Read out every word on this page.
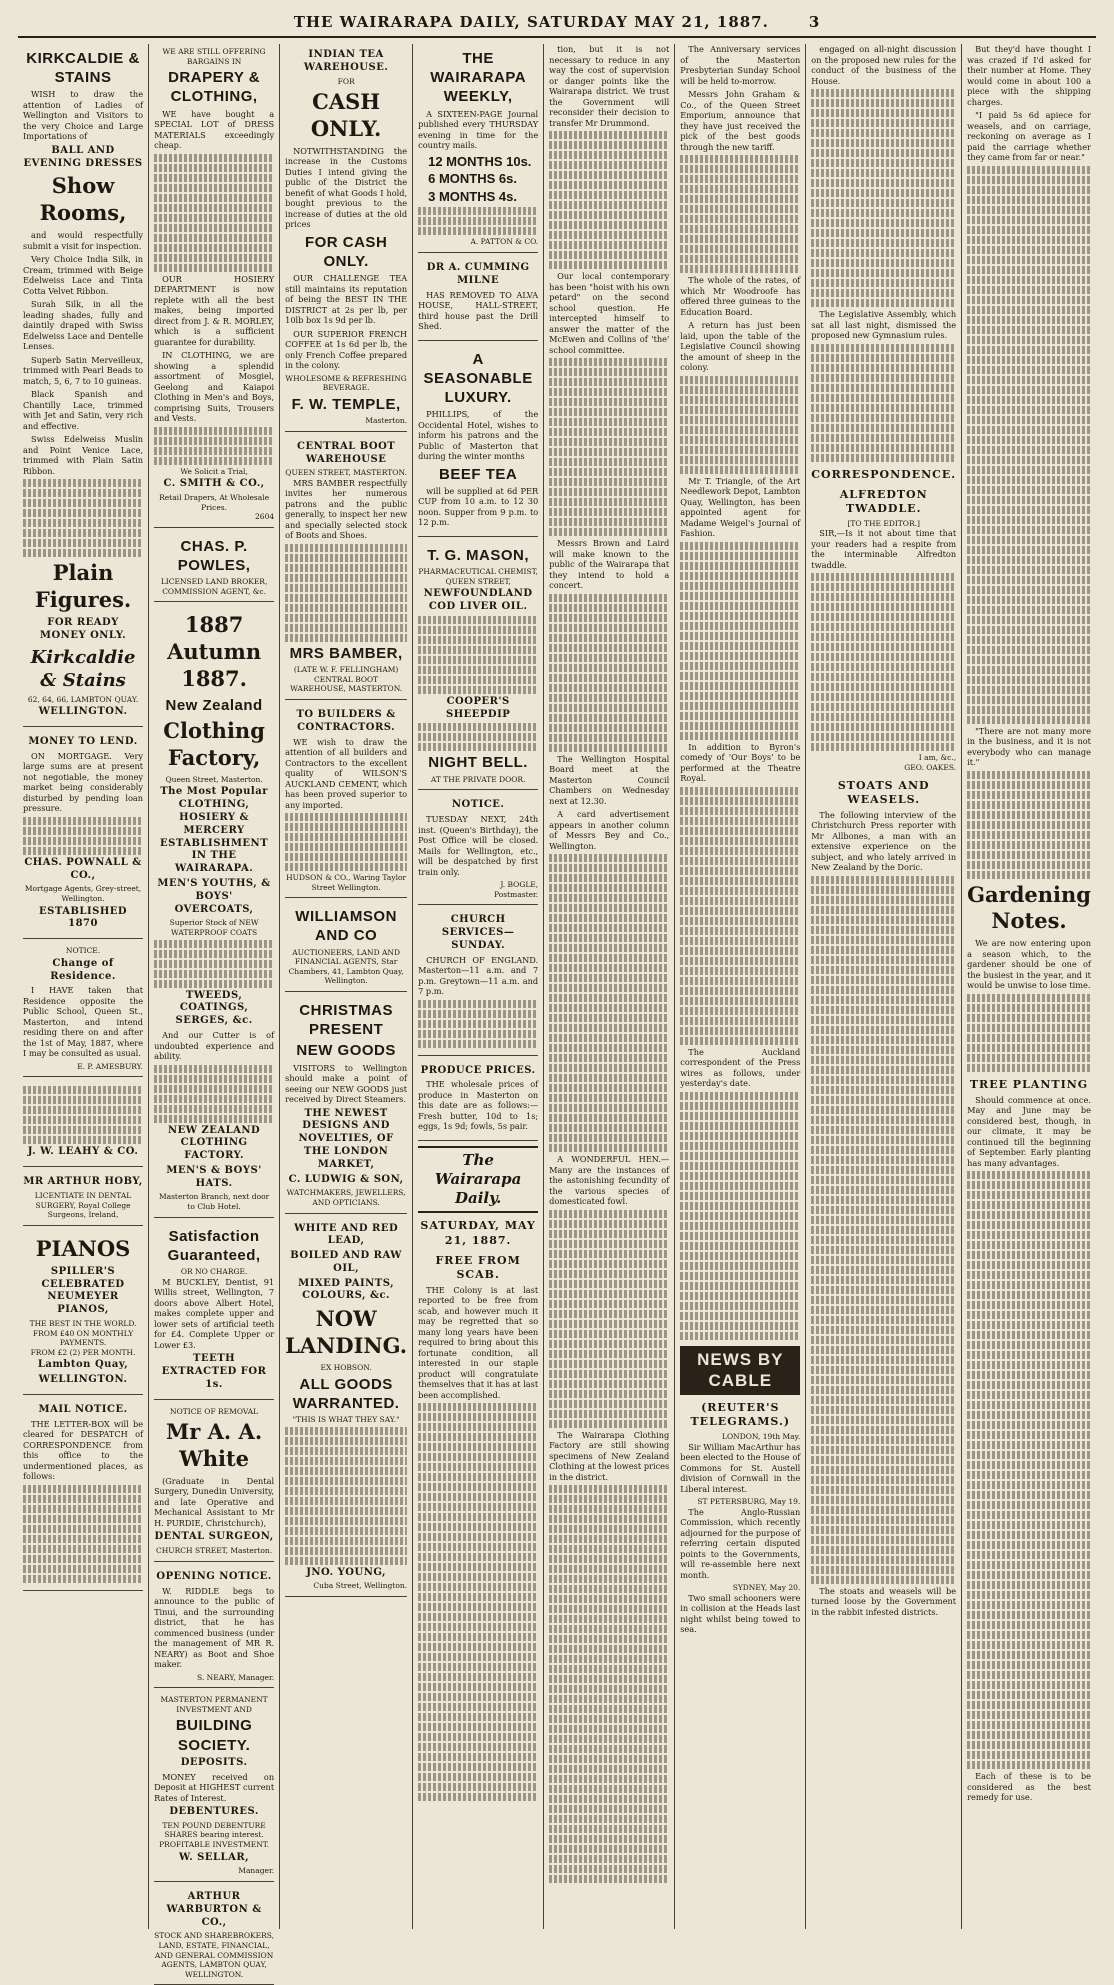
THE WAIRARAPA DAILY, SATURDAY MAY 21, 1887.	3
KIRKCALDIE & STAINS

WISH to draw the attention of Ladies of Wellington and Visitors to the very Choice and Large Importations of

BALL AND EVENING DRESSES
Show Rooms,

and would respectfully submit a visit for inspection.

Very Choice India Silk, in Cream, trimmed with Beige Edelweiss Lace and Tinta Cotta Velvet Ribbon.

Surah Silk, in all the leading shades, fully and daintily draped with Swiss Edelweiss Lace and Dentelle Lenses.

Superb Satin Merveilleux, trimmed with Pearl Beads to match, 5, 6, 7 to 10 guineas.

Black Spanish and Chantilly Lace, trimmed with Jet and Satin, very rich and effective.

Swiss Edelweiss Muslin and Point Venice Lace, trimmed with Plain Satin Ribbon.

Plain Figures.
FOR READY MONEY ONLY.
Kirkcaldie & Stains
62, 64, 66, LAMBTON QUAY.
WELLINGTON.
MONEY TO LEND.

ON MORTGAGE. Very large sums are at present not negotiable, the money market being considerably disturbed by pending loan pressure.

CHAS. POWNALL & CO.,
Mortgage Agents, Grey-street, Wellington.
ESTABLISHED 1870
NOTICE.
Change of Residence.

I HAVE taken that Residence opposite the Public School, Queen St., Masterton, and intend residing there on and after the 1st of May, 1887, where I may be consulted as usual.

E. P. AMESBURY.
J. W. LEAHY & CO.
MR ARTHUR HOBY,
LICENTIATE IN DENTAL SURGERY, Royal College Surgeons, Ireland,
PIANOS
SPILLER'S CELEBRATED NEUMEYER PIANOS,
THE BEST IN THE WORLD.
FROM £40 ON MONTHLY PAYMENTS.
FROM £2 (2) PER MONTH.
Lambton Quay,
WELLINGTON.
MAIL NOTICE.

THE LETTER-BOX will be cleared for DESPATCH of CORRESPONDENCE from this office to the undermentioned places, as follows:

WE ARE STILL OFFERING BARGAINS IN
DRAPERY & CLOTHING,

WE have bought a SPECIAL LOT of DRESS MATERIALS exceedingly cheap.

OUR HOSIERY DEPARTMENT is now replete with all the best makes, being imported direct from J. & R. MORLEY, which is a sufficient guarantee for durability.

IN CLOTHING, we are showing a splendid assortment of Mosgiel, Geelong and Kaiapoi Clothing in Men's and Boys, comprising Suits, Trousers and Vests.

We Solicit a Trial,
C. SMITH & CO.,
Retail Drapers, At Wholesale Prices.
2604
CHAS. P. POWLES,
LICENSED LAND BROKER, COMMISSION AGENT, &c.
1887 Autumn 1887.
New Zealand
Clothing Factory,
Queen Street, Masterton.
The Most Popular CLOTHING, HOSIERY & MERCERY ESTABLISHMENT IN THE WAIRARAPA.
MEN'S YOUTHS, & BOYS' OVERCOATS,
Superior Stock of NEW WATERPROOF COATS
TWEEDS, COATINGS, SERGES, &c.

And our Cutter is of undoubted experience and ability.

NEW ZEALAND CLOTHING FACTORY.
MEN'S & BOYS' HATS.
Masterton Branch, next door to Club Hotel.
Satisfaction Guaranteed,
OR NO CHARGE.

M BUCKLEY, Dentist, 91 Willis street, Wellington, 7 doors above Albert Hotel, makes complete upper and lower sets of artificial teeth for £4. Complete Upper or Lower £3.

TEETH EXTRACTED FOR 1s.
NOTICE OF REMOVAL
Mr A. A. White

(Graduate in Dental Surgery, Dunedin University, and late Operative and Mechanical Assistant to Mr H. PURDIE, Christchurch),

DENTAL SURGEON,
CHURCH STREET, Masterton.
OPENING NOTICE.

W. RIDDLE begs to announce to the public of Tinui, and the surrounding district, that he has commenced business (under the management of MR R. NEARY) as Boot and Shoe maker.

S. NEARY, Manager.
MASTERTON PERMANENT INVESTMENT AND
BUILDING SOCIETY.
DEPOSITS.

MONEY received on Deposit at HIGHEST current Rates of Interest.

DEBENTURES.
TEN POUND DEBENTURE SHARES bearing interest.
PROFITABLE INVESTMENT.
W. SELLAR,
Manager.
ARTHUR WARBURTON & CO.,
STOCK AND SHAREBROKERS, LAND, ESTATE, FINANCIAL, AND GENERAL COMMISSION AGENTS, LAMBTON QUAY, WELLINGTON.
INDIAN TEA WAREHOUSE.
FOR
CASH ONLY.

NOTWITHSTANDING the increase in the Customs Duties I intend giving the public of the District the benefit of what Goods I hold, bought previous to the increase of duties at the old prices

FOR CASH ONLY.

OUR CHALLENGE TEA still maintains its reputation of being the BEST IN THE DISTRICT at 2s per lb, per 10lb box 1s 9d per lb.

OUR SUPERIOR FRENCH COFFEE at 1s 6d per lb, the only French Coffee prepared in the colony.

WHOLESOME & REFRESHING BEVERAGE.
F. W. TEMPLE,
Masterton.
CENTRAL BOOT WAREHOUSE
QUEEN STREET, MASTERTON.

MRS BAMBER respectfully invites her numerous patrons and the public generally, to inspect her new and specially selected stock of Boots and Shoes.

MRS BAMBER,
(LATE W. F. FELLINGHAM) CENTRAL BOOT WAREHOUSE, MASTERTON.
TO BUILDERS & CONTRACTORS.

WE wish to draw the attention of all builders and Contractors to the excellent quality of WILSON'S AUCKLAND CEMENT, which has been proved superior to any imported.

HUDSON & CO., Waring Taylor Street Wellington.
WILLIAMSON AND CO
AUCTIONEERS, LAND AND FINANCIAL AGENTS, Star Chambers, 41, Lambton Quay, Wellington.
CHRISTMAS PRESENT
NEW GOODS

VISITORS to Wellington should make a point of seeing our NEW GOODS just received by Direct Steamers.

THE NEWEST DESIGNS AND NOVELTIES, OF THE LONDON MARKET,
C. LUDWIG & SON,
WATCHMAKERS, JEWELLERS, AND OPTICIANS.
WHITE AND RED LEAD,
BOILED AND RAW OIL,
MIXED PAINTS, COLOURS, &c.
NOW LANDING.
EX HOBSON.
ALL GOODS WARRANTED.
"THIS IS WHAT THEY SAY."
JNO. YOUNG,
Cuba Street, Wellington.
THE WAIRARAPA WEEKLY,

A SIXTEEN-PAGE Journal published every THURSDAY evening in time for the country mails.

12 MONTHS 10s.
6 MONTHS 6s.
3 MONTHS 4s.
A. PATTON & CO.
DR A. CUMMING MILNE

HAS REMOVED TO ALVA HOUSE, HALL-STREET, third house past the Drill Shed.

A SEASONABLE LUXURY.

PHILLIPS, of the Occidental Hotel, wishes to inform his patrons and the Public of Masterton that during the winter months

BEEF TEA

will be supplied at 6d PER CUP from 10 a.m. to 12 30 noon. Supper from 9 p.m. to 12 p.m.

T. G. MASON,
PHARMACEUTICAL CHEMIST, QUEEN STREET,
NEWFOUNDLAND COD LIVER OIL.
COOPER'S SHEEPDIP
NIGHT BELL.
AT THE PRIVATE DOOR.
NOTICE.

TUESDAY NEXT, 24th inst. (Queen's Birthday), the Post Office will be closed. Mails for Wellington, etc., will be despatched by first train only.

J. BOGLE,
Postmaster.
CHURCH SERVICES—SUNDAY.

CHURCH OF ENGLAND. Masterton—11 a.m. and 7 p.m. Greytown—11 a.m. and 7 p.m.

PRODUCE PRICES.

THE wholesale prices of produce in Masterton on this date are as follows:— Fresh butter, 10d to 1s; eggs, 1s 9d; fowls, 5s pair.

The Wairarapa Daily.
SATURDAY, MAY 21, 1887.
FREE FROM SCAB.

THE Colony is at last reported to be free from scab, and however much it may be regretted that so many long years have been required to bring about this fortunate condition, all interested in our staple product will congratulate themselves that it has at last been accomplished.

tion, but it is not necessary to reduce in any way the cost of supervision or danger points like the Wairarapa district. We trust the Government will reconsider their decision to transfer Mr Drummond.

Our local contemporary has been "hoist with his own petard" on the second school question. He intercepted himself to answer the matter of the McEwen and Collins of 'the' school committee.

Messrs Brown and Laird will make known to the public of the Wairarapa that they intend to hold a concert.

The Wellington Hospital Board meet at the Masterton Council Chambers on Wednesday next at 12.30.

A card advertisement appears in another column of Messrs Bey and Co., Wellington.

A WONDERFUL HEN.—Many are the instances of the astonishing fecundity of the various species of domesticated fowl.

The Wairarapa Clothing Factory are still showing specimens of New Zealand Clothing at the lowest prices in the district.

The Anniversary services of the Masterton Presbyterian Sunday School will be held to-morrow.

Messrs John Graham & Co., of the Queen Street Emporium, announce that they have just received the pick of the best goods through the new tariff.

The whole of the rates, of which Mr Woodroofe has offered three guineas to the Education Board.

A return has just been laid, upon the table of the Legislative Council showing the amount of sheep in the colony.

Mr T. Triangle, of the Art Needlework Depot, Lambton Quay, Wellington, has been appointed agent for Madame Weigel's Journal of Fashion.

In addition to Byron's comedy of 'Our Boys' to be performed at the Theatre Royal.

The Auckland correspondent of the Press wires as follows, under yesterday's date.

NEWS BY CABLE
(REUTER'S TELEGRAMS.)
LONDON, 19th May.

Sir William MacArthur has been elected to the House of Commons for St. Austell division of Cornwall in the Liberal interest.

ST PETERSBURG, May 19.

The Anglo-Russian Commission, which recently adjourned for the purpose of referring certain disputed points to the Governments, will re-assemble here next month.

SYDNEY, May 20.

Two small schooners were in collision at the Heads last night whilst being towed to sea.

engaged on all-night discussion on the proposed new rules for the conduct of the business of the House.

The Legislative Assembly, which sat all last night, dismissed the proposed new Gymnasium rules.

CORRESPONDENCE.
ALFREDTON TWADDLE.
[TO THE EDITOR.]

SIR,—Is it not about time that your readers had a respite from the interminable Alfredton twaddle.

I am, &c.,
GEO. OAKES.
STOATS AND WEASELS.

The following interview of the Christchurch Press reporter with Mr Allbones, a man with an extensive experience on the subject, and who lately arrived in New Zealand by the Doric.

The stoats and weasels will be turned loose by the Government in the rabbit infested districts.

But they'd have thought I was crazed if I'd asked for their number at Home. They would come in about 100 a piece with the shipping charges.

"I paid 5s 6d apiece for weasels, and on carriage, reckoning on average as I paid the carriage whether they came from far or near."

"There are not many more in the business, and it is not everybody who can manage it."

Gardening Notes.

We are now entering upon a season which, to the gardener should be one of the busiest in the year, and it would be unwise to lose time.

TREE PLANTING

Should commence at once. May and June may be considered best, though, in our climate, it may be continued till the beginning of September. Early planting has many advantages.

Each of these is to be considered as the best remedy for use.
